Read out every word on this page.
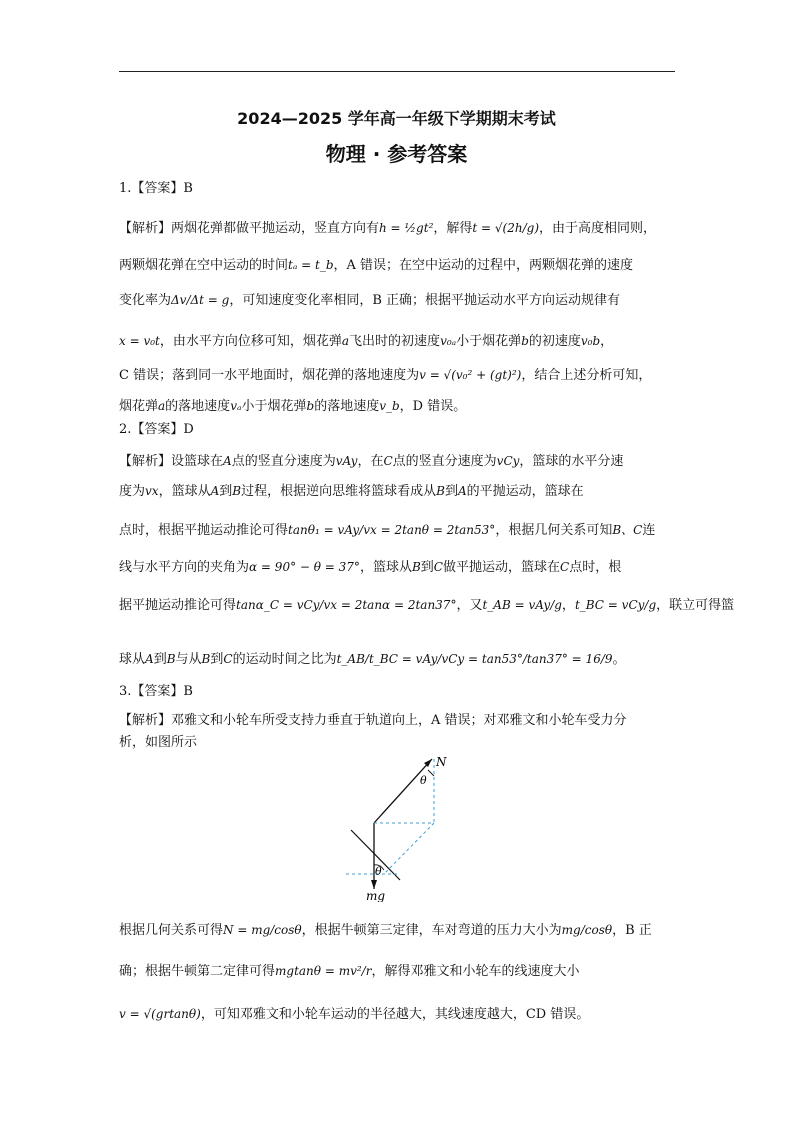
2024—2025 学年高一年级下学期期末考试
物理 · 参考答案
1.【答案】B
【解析】两烟花弹都做平抛运动，竖直方向有h = ½gt²，解得t = √(2h/g)，由于高度相同则，
两颗烟花弹在空中运动的时间tₐ = t_b，A 错误；在空中运动的过程中，两颗烟花弹的速度
变化率为Δv/Δt = g，可知速度变化率相同，B 正确；根据平抛运动水平方向运动规律有
x = v₀t，由水平方向位移可知，烟花弹a飞出时的初速度v₀ₐ小于烟花弹b的初速度v₀b，
C 错误；落到同一水平地面时，烟花弹的落地速度为v = √(v₀² + (gt)²)，结合上述分析可知，
烟花弹a的落地速度vₐ小于烟花弹b的落地速度v_b，D 错误。
2.【答案】D
【解析】设篮球在A点的竖直分速度为vAy，在C点的竖直分速度为vCy，篮球的水平分速
度为vx，篮球从A到B过程，根据逆向思维将篮球看成从B到A的平抛运动，篮球在
点时，根据平抛运动推论可得tanθ₁ = vAy/vx = 2tanθ = 2tan53°，根据几何关系可知B、C连
线与水平方向的夹角为α = 90° − θ = 37°，篮球从B到C做平抛运动，篮球在C点时，根
据平抛运动推论可得tanα_C = vCy/vx = 2tanα = 2tan37°，又t_AB = vAy/g，t_BC = vCy/g，联立可得篮
球从A到B与从B到C的运动时间之比为t_AB/t_BC = vAy/vCy = tan53°/tan37° = 16/9。
3.【答案】B
【解析】邓雅文和小轮车所受支持力垂直于轨道向上，A 错误；对邓雅文和小轮车受力分
析，如图所示
N
θ
θ
mg
根据几何关系可得N = mg/cosθ，根据牛顿第三定律，车对弯道的压力大小为mg/cosθ，B 正
确；根据牛顿第二定律可得mgtanθ = mv²/r，解得邓雅文和小轮车的线速度大小
v = √(grtanθ)，可知邓雅文和小轮车运动的半径越大，其线速度越大，CD 错误。
